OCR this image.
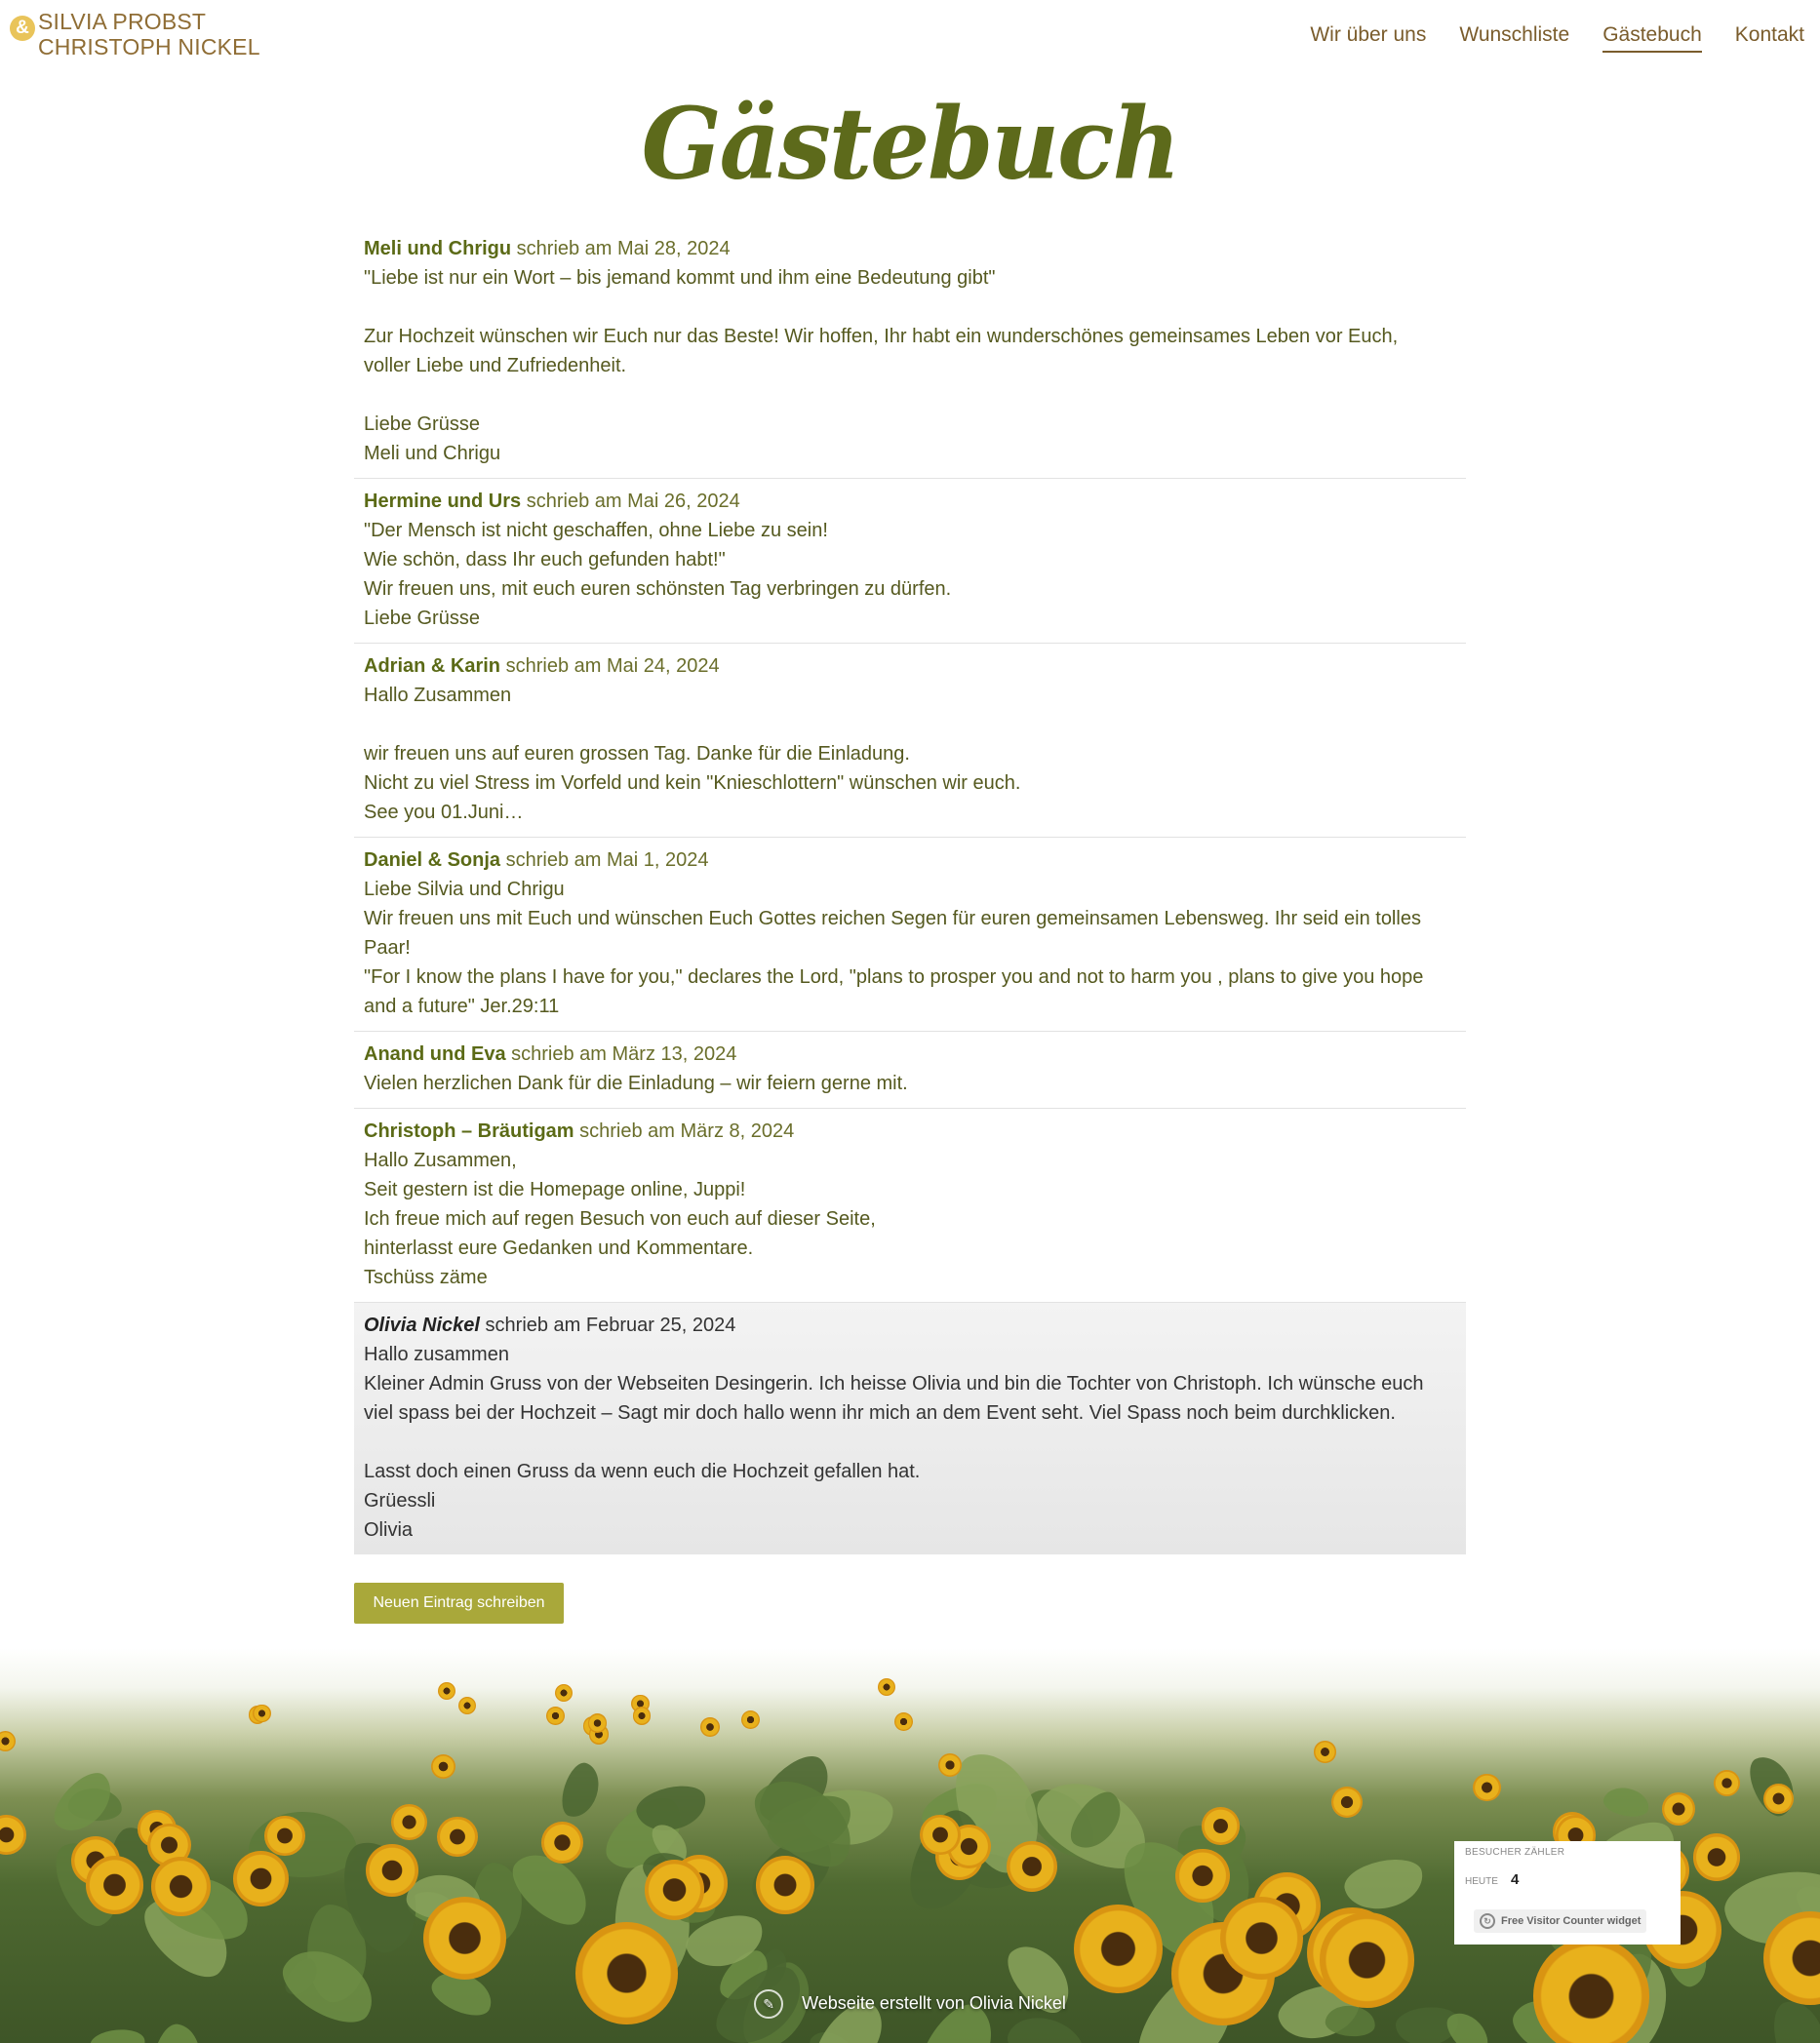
& SILVIA PROBST
CHRISTOPH NICKEL	Wir über uns Wunschliste Gästebuch Kontakt
Gästebuch
Meli und Chrigu schrieb am Mai 28, 2024
"Liebe ist nur ein Wort – bis jemand kommt und ihm eine Bedeutung gibt"
Zur Hochzeit wünschen wir Euch nur das Beste! Wir hoffen, Ihr habt ein wunderschönes gemeinsames Leben vor Euch,
voller Liebe und Zufriedenheit.
Liebe Grüsse
Meli und Chrigu
Hermine und Urs schrieb am Mai 26, 2024
"Der Mensch ist nicht geschaffen, ohne Liebe zu sein!
Wie schön, dass Ihr euch gefunden habt!"
Wir freuen uns, mit euch euren schönsten Tag verbringen zu dürfen.
Liebe Grüsse
Adrian & Karin schrieb am Mai 24, 2024
Hallo Zusammen
wir freuen uns auf euren grossen Tag. Danke für die Einladung.
Nicht zu viel Stress im Vorfeld und kein "Knieschlottern" wünschen wir euch.
See you 01.Juni…
Daniel & Sonja schrieb am Mai 1, 2024
Liebe Silvia und Chrigu
Wir freuen uns mit Euch und wünschen Euch Gottes reichen Segen für euren gemeinsamen Lebensweg. Ihr seid ein tolles
Paar!
"For I know the plans I have for you," declares the Lord, "plans to prosper you and not to harm you , plans to give you hope
and a future" Jer.29:11
Anand und Eva schrieb am März 13, 2024
Vielen herzlichen Dank für die Einladung – wir feiern gerne mit.
Christoph – Bräutigam schrieb am März 8, 2024
Hallo Zusammen,
Seit gestern ist die Homepage online, Juppi!
Ich freue mich auf regen Besuch von euch auf dieser Seite,
hinterlasst eure Gedanken und Kommentare.
Tschüss zäme
Olivia Nickel schrieb am Februar 25, 2024
Hallo zusammen
Kleiner Admin Gruss von der Webseiten Desingerin. Ich heisse Olivia und bin die Tochter von Christoph. Ich wünsche euch
viel spass bei der Hochzeit – Sagt mir doch hallo wenn ihr mich an dem Event seht. Viel Spass noch beim durchklicken.
Lasst doch einen Gruss da wenn euch die Hochzeit gefallen hat.
Grüessli
Olivia
Neuen Eintrag schreiben
BESUCHER ZÄHLER
HEUTE 4
↻ Free Visitor Counter widget
✎ Webseite erstellt von Olivia Nickel
